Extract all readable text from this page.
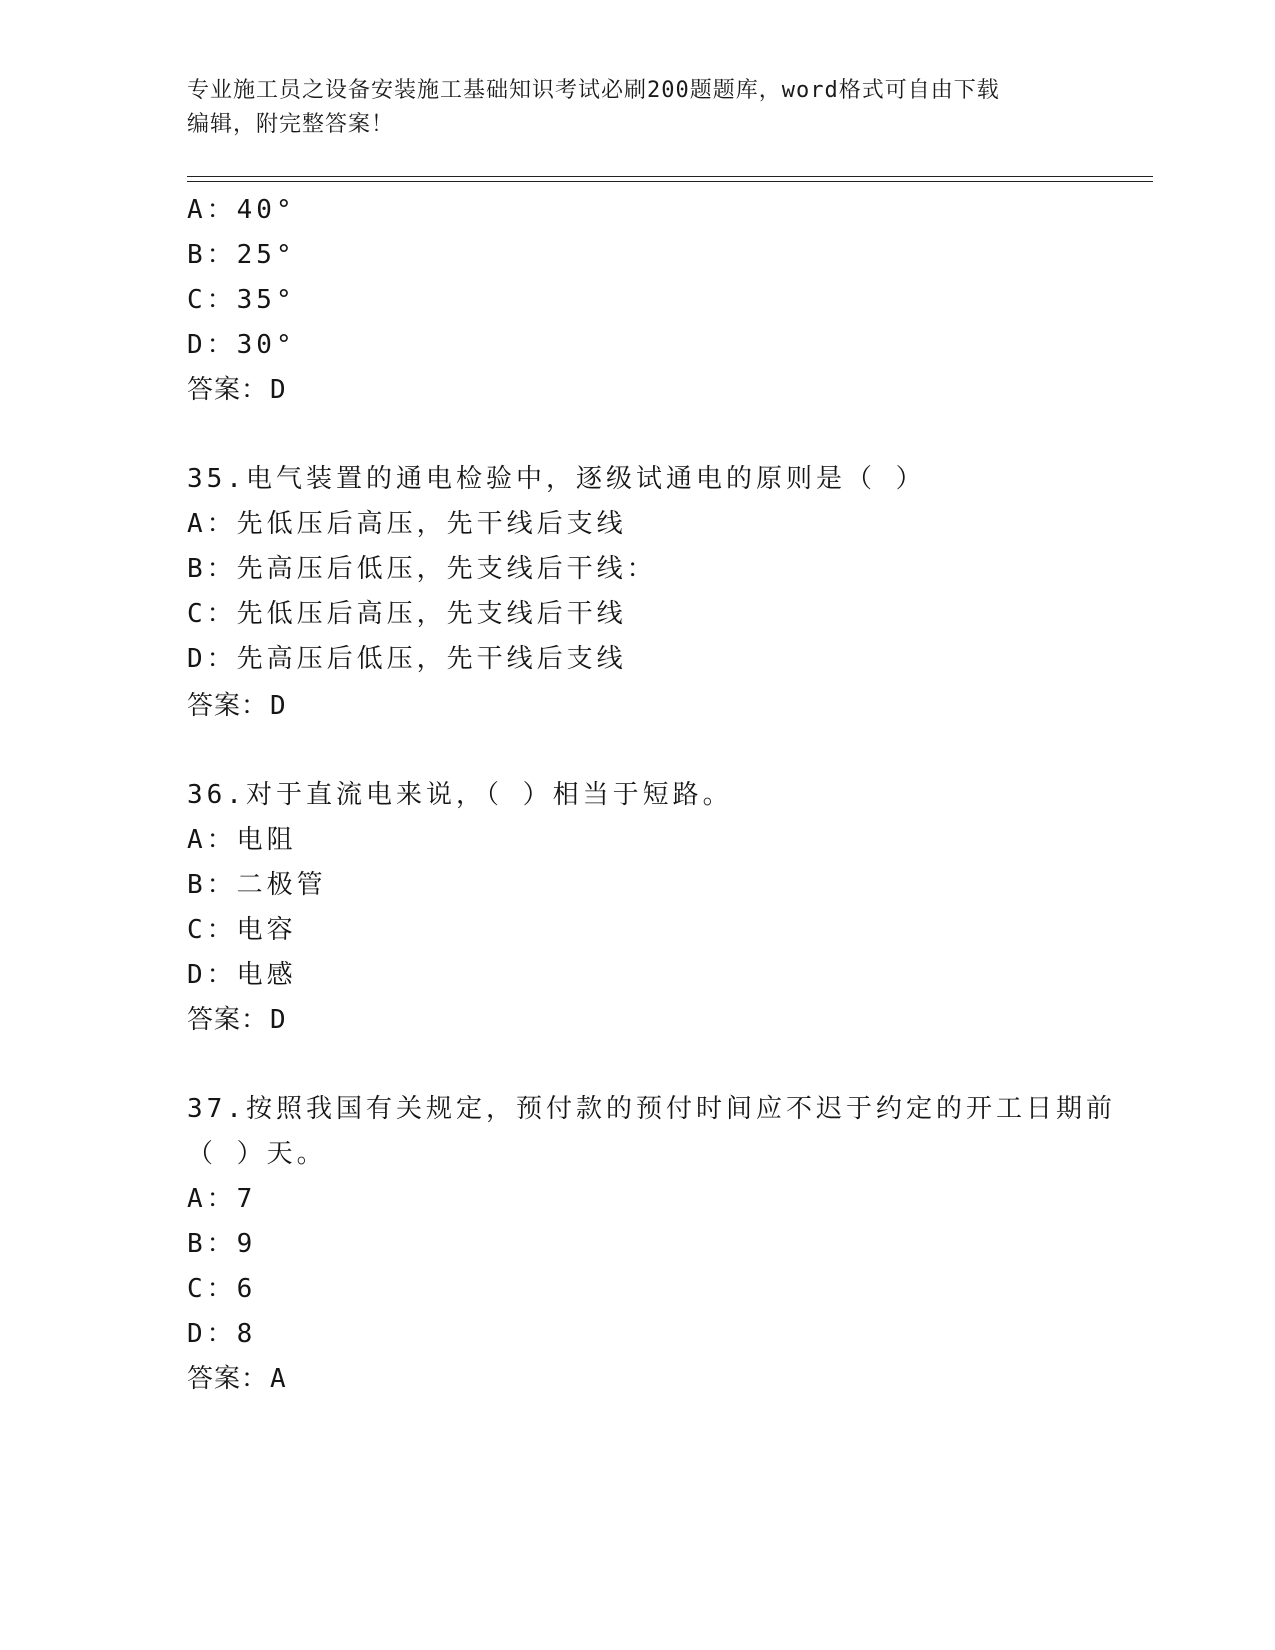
专业施工员之设备安装施工基础知识考试必刷200题题库，word格式可自由下载
编辑，附完整答案！
A：40°
B：25°
C：35°
D：30°
答案：D
35.电气装置的通电检验中，逐级试通电的原则是（ ）
A：先低压后高压，先干线后支线
B：先高压后低压，先支线后干线：
C：先低压后高压，先支线后干线
D：先高压后低压，先干线后支线
答案：D
36.对于直流电来说，（ ）相当于短路。
A：电阻
B：二极管
C：电容
D：电感
答案：D
37.按照我国有关规定，预付款的预付时间应不迟于约定的开工日期前
（ ）天。
A：7
B：9
C：6
D：8
答案：A
